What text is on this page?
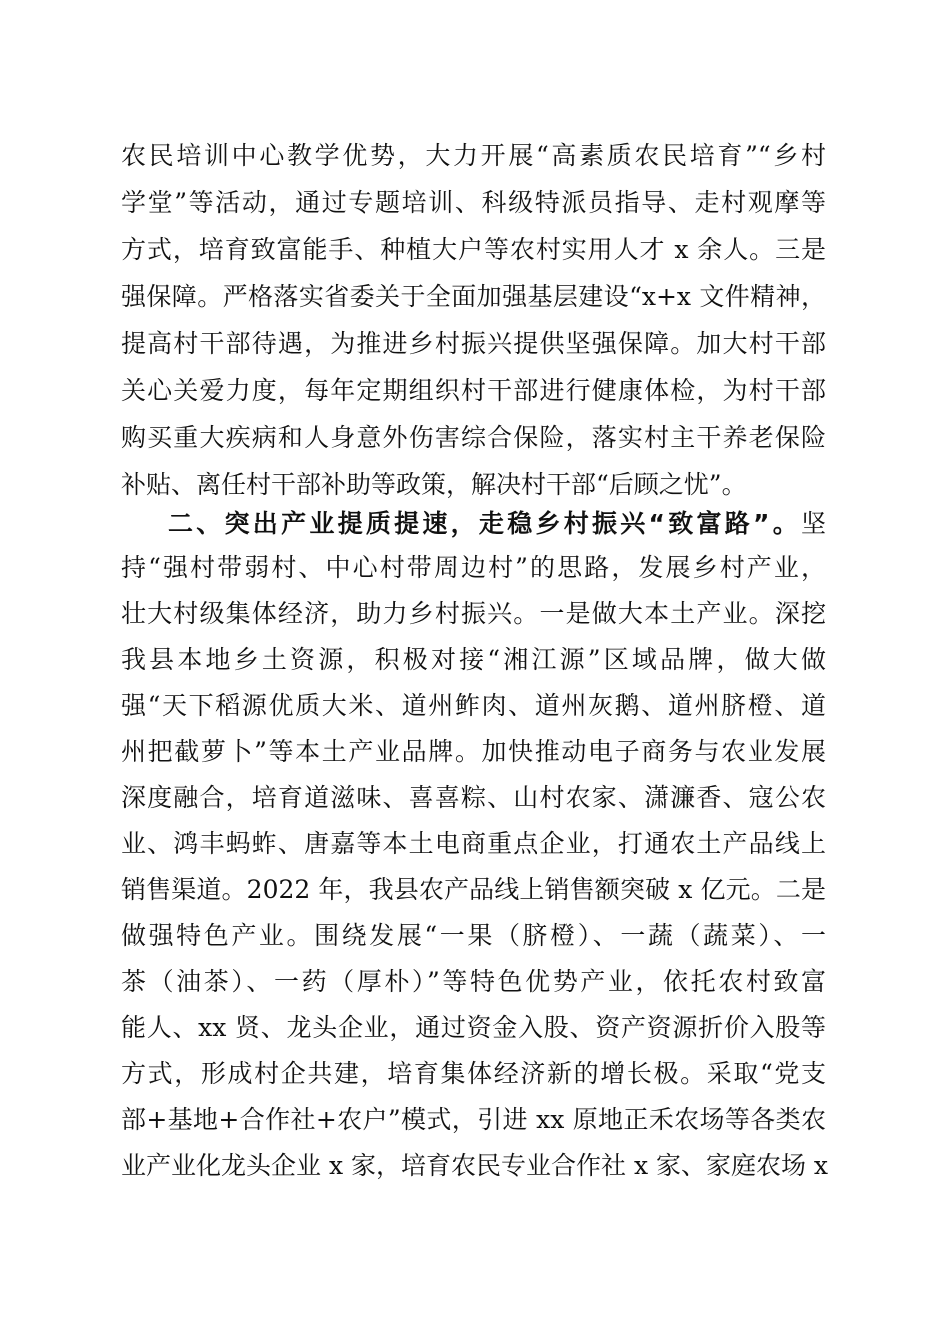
农民培训中心教学优势，大力开展“高素质农民培育”“乡村
学堂”等活动，通过专题培训、科级特派员指导、走村观摩等
方式，培育致富能手、种植大户等农村实用人才 x 余人。三是
强保障。严格落实省委关于全面加强基层建设“x+x 文件精神，
提高村干部待遇，为推进乡村振兴提供坚强保障。加大村干部
关心关爱力度，每年定期组织村干部进行健康体检，为村干部
购买重大疾病和人身意外伤害综合保险，落实村主干养老保险
补贴、离任村干部补助等政策，解决村干部“后顾之忧”。
二、突出产业提质提速，走稳乡村振兴“致富路”。坚
持“强村带弱村、中心村带周边村”的思路，发展乡村产业，
壮大村级集体经济，助力乡村振兴。一是做大本土产业。深挖
我县本地乡土资源，积极对接“湘江源”区域品牌，做大做
强“天下稻源优质大米、道州鲊肉、道州灰鹅、道州脐橙、道
州把截萝卜”等本土产业品牌。加快推动电子商务与农业发展
深度融合，培育道滋味、喜喜粽、山村农家、潇濂香、寇公农
业、鸿丰蚂蚱、唐嘉等本土电商重点企业，打通农土产品线上
销售渠道。2022 年，我县农产品线上销售额突破 x 亿元。二是
做强特色产业。围绕发展“一果（脐橙）、一蔬（蔬菜）、一
茶（油茶）、一药（厚朴）”等特色优势产业，依托农村致富
能人、xx 贤、龙头企业，通过资金入股、资产资源折价入股等
方式，形成村企共建，培育集体经济新的增长极。采取“党支
部+基地+合作社+农户”模式，引进 xx 原地正禾农场等各类农
业产业化龙头企业 x 家，培育农民专业合作社 x 家、家庭农场 x
